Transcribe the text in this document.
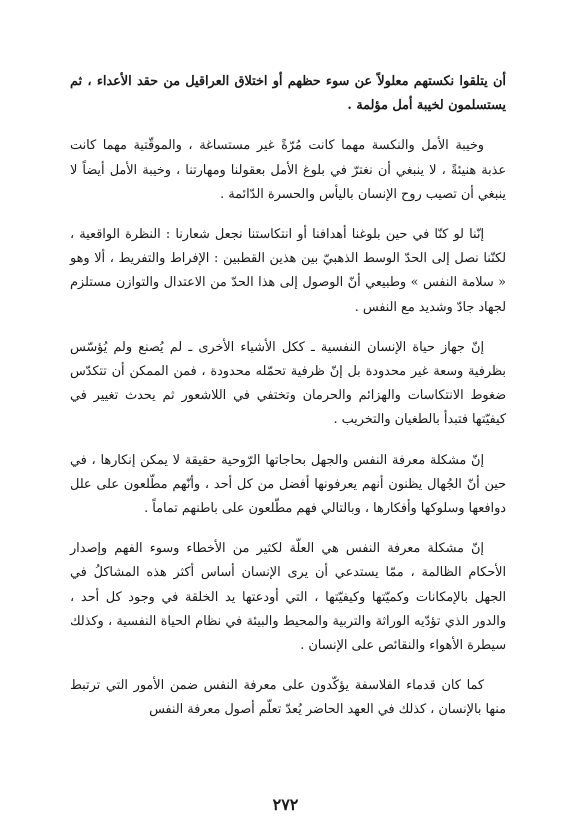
أن يتلقوا نكستهم معلولاً عن سوء حظهم أو اختلاق العراقيل من حقد الأعداء ، ثم يستسلمون لخيبة أمل مؤلمة .

وخيبة الأمل والنكسة مهما كانت مُرّةً غير مستساغة ، والموقّتية مهما كانت عذبة هنيئةً ، لا ينبغي أن نغترّ في بلوغ الأمل بعقولنا ومهارتنا ، وخيبة الأمل أيضاً لا ينبغي أن تصيب روح الإنسان باليأس والحسرة الدّائمة .

إنّنا لو كنّا في حين بلوغنا أهدافنا أو انتكاستنا نجعل شعارنا : النظرة الواقعية ، لكنّنا نصل إلى الحدّ الوسط الذهبيّ بين هذين القطبين : الإفراط والتفريط ، ألا وهو « سلامة النفس » وطبيعي أنّ الوصول إلى هذا الحدّ من الاعتدال والتوازن مستلزم لجهاد جادّ وشديد مع النفس .

إنّ جهاز حياة الإنسان النفسية ـ ككل الأشياء الأخرى ـ لم يُصنع ولم يُؤسّس بظرفية وسعة غير محدودة بل إنّ ظرفية تحمّله محدودة ، فمن الممكن أن تتكدّس ضغوط الانتكاسات والهزائم والحرمان وتختفي في اللاشعور ثم يحدث تغيير في كيفيّتها فتبدأ بالطغيان والتخريب .

إنّ مشكلة معرفة النفس والجهل بحاجاتها الرّوحية حقيقة لا يمكن إنكارها ، في حين أنّ الجُهال يظنون أنهم يعرفونها أفضل من كل أحد ، وأنّهم مطّلعون على علل دوافعها وسلوكها وأفكارها ، وبالتالي فهم مطّلعون على باطنهم تماماً .

إنّ مشكلة معرفة النفس هي العلّة لكثير من الأخطاء وسوء الفهم وإصدار الأحكام الظالمة ، ممّا يستدعي أن يرى الإنسان أساس أكثر هذه المشاكلُ في الجهل بالإمكانات وكميّتها وكيفيّتها ، التي أودعتها يد الخلقة في وجود كل أحد ، والدور الذي تؤدّيه الوراثة والتربية والمحيط والبيئة في نظام الحياة النفسية ، وكذلك سيطرة الأهواء والنقائص على الإنسان .

كما كان قدماء الفلاسفة يؤكّدون على معرفة النفس ضمن الأمور التي ترتبط منها بالإنسان ، كذلك في العهد الحاضر يُعدّ تعلّم أصول معرفة النفس

٢٧٢
